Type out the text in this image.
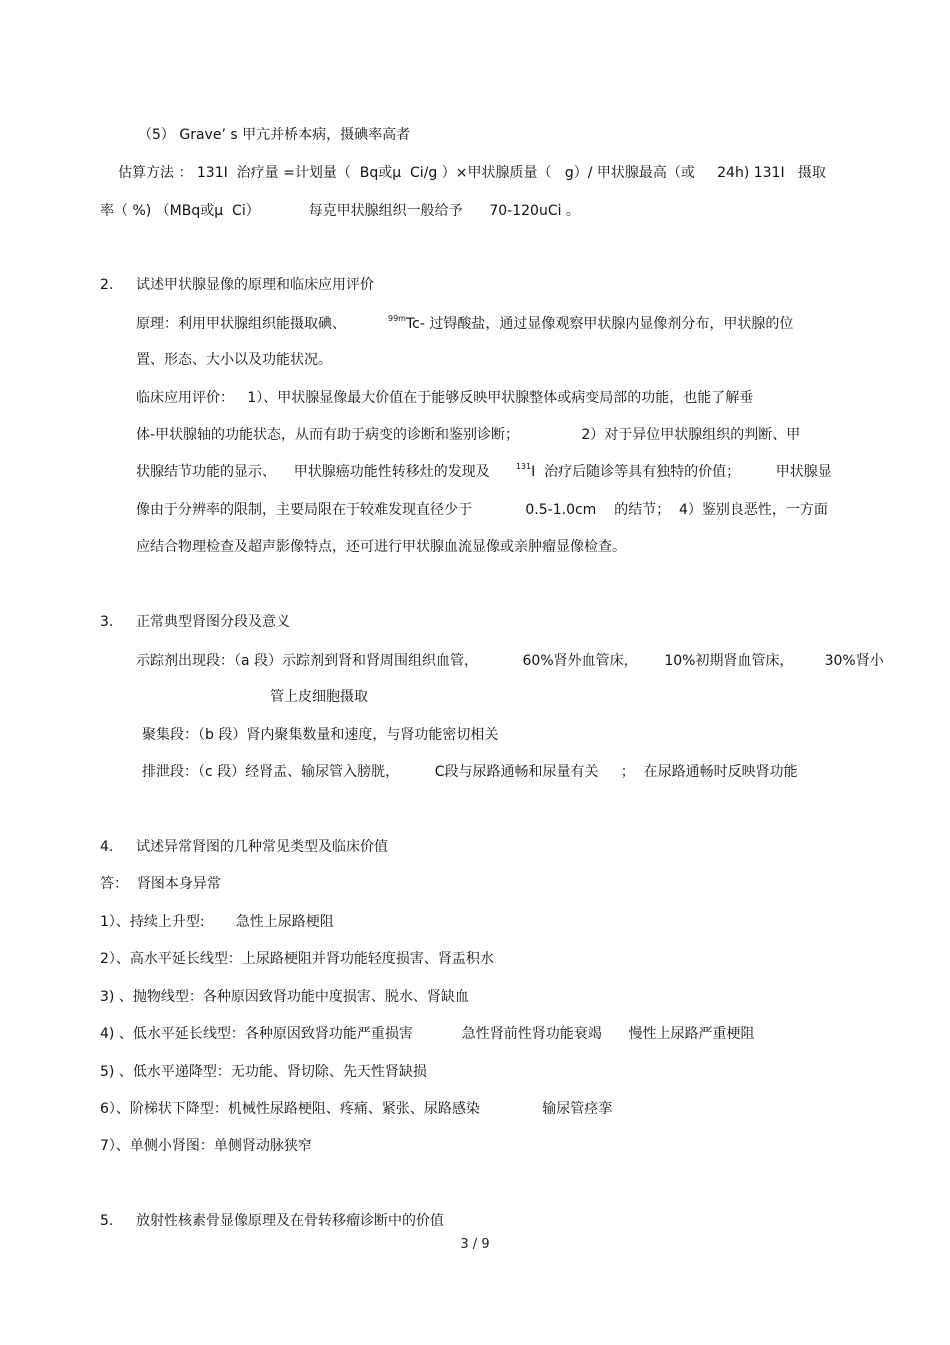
（5） Grave’ s 甲亢并桥本病，摄碘率高者
估算方法 ： 131I  治疗量 =计划量（  Bq或μ  Ci/g ）×甲状腺质量（   g）/ 甲状腺最高（或     24h) 131I   摄取
率（ %) （MBq或μ  Ci）           每克甲状腺组织一般给予      70-120uCi 。
2. 试述甲状腺显像的原理和临床应用评价
原理：利用甲状腺组织能摄取碘、	$^{99m}$Tc- 过锝酸盐，通过显像观察甲状腺内显像剂分布，甲状腺的位
置、形态、大小以及功能状况。
临床应用评价：   1）、甲状腺显像最大价值在于能够反映甲状腺整体或病变局部的功能，也能了解垂
体-甲状腺轴的功能状态，从而有助于病变的诊断和鉴别诊断；              2）对于异位甲状腺组织的判断、甲
状腺结节功能的显示、    甲状腺癌功能性转移灶的发现及	$^{131}$I  治疗后随诊等具有独特的价值；        甲状腺显
像由于分辨率的限制，主要局限在于较难发现直径少于            0.5-1.0cm    的结节；  4）鉴别良恶性，一方面
应结合物理检查及超声影像特点，还可进行甲状腺血流显像或亲肿瘤显像检查。
3. 正常典型肾图分段及意义
示踪剂出现段：（a 段）示踪剂到肾和肾周围组织血管，          60%肾外血管床，      10%初期肾血管床，       30%肾小
管上皮细胞摄取
聚集段：（b 段）肾内聚集数量和速度，与肾功能密切相关
排泄段：（c 段）经肾盂、输尿管入膀胱，        C段与尿路通畅和尿量有关     ；  在尿路通畅时反映肾功能
4. 试述异常肾图的几种常见类型及临床价值
答：  肾图本身异常
1）、持续上升型:       急性上尿路梗阻
2）、高水平延长线型：上尿路梗阻并肾功能轻度损害、肾盂积水
3) 、抛物线型：各种原因致肾功能中度损害、脱水、肾缺血
4) 、低水平延长线型：各种原因致肾功能严重损害           急性肾前性肾功能衰竭      慢性上尿路严重梗阻
5) 、低水平递降型：无功能、肾切除、先天性肾缺损
6）、阶梯状下降型：机械性尿路梗阻、疼痛、紧张、尿路感染              输尿管痉挛
7）、单侧小肾图：单侧肾动脉狭窄
5. 放射性核素骨显像原理及在骨转移瘤诊断中的价值
3 / 9
